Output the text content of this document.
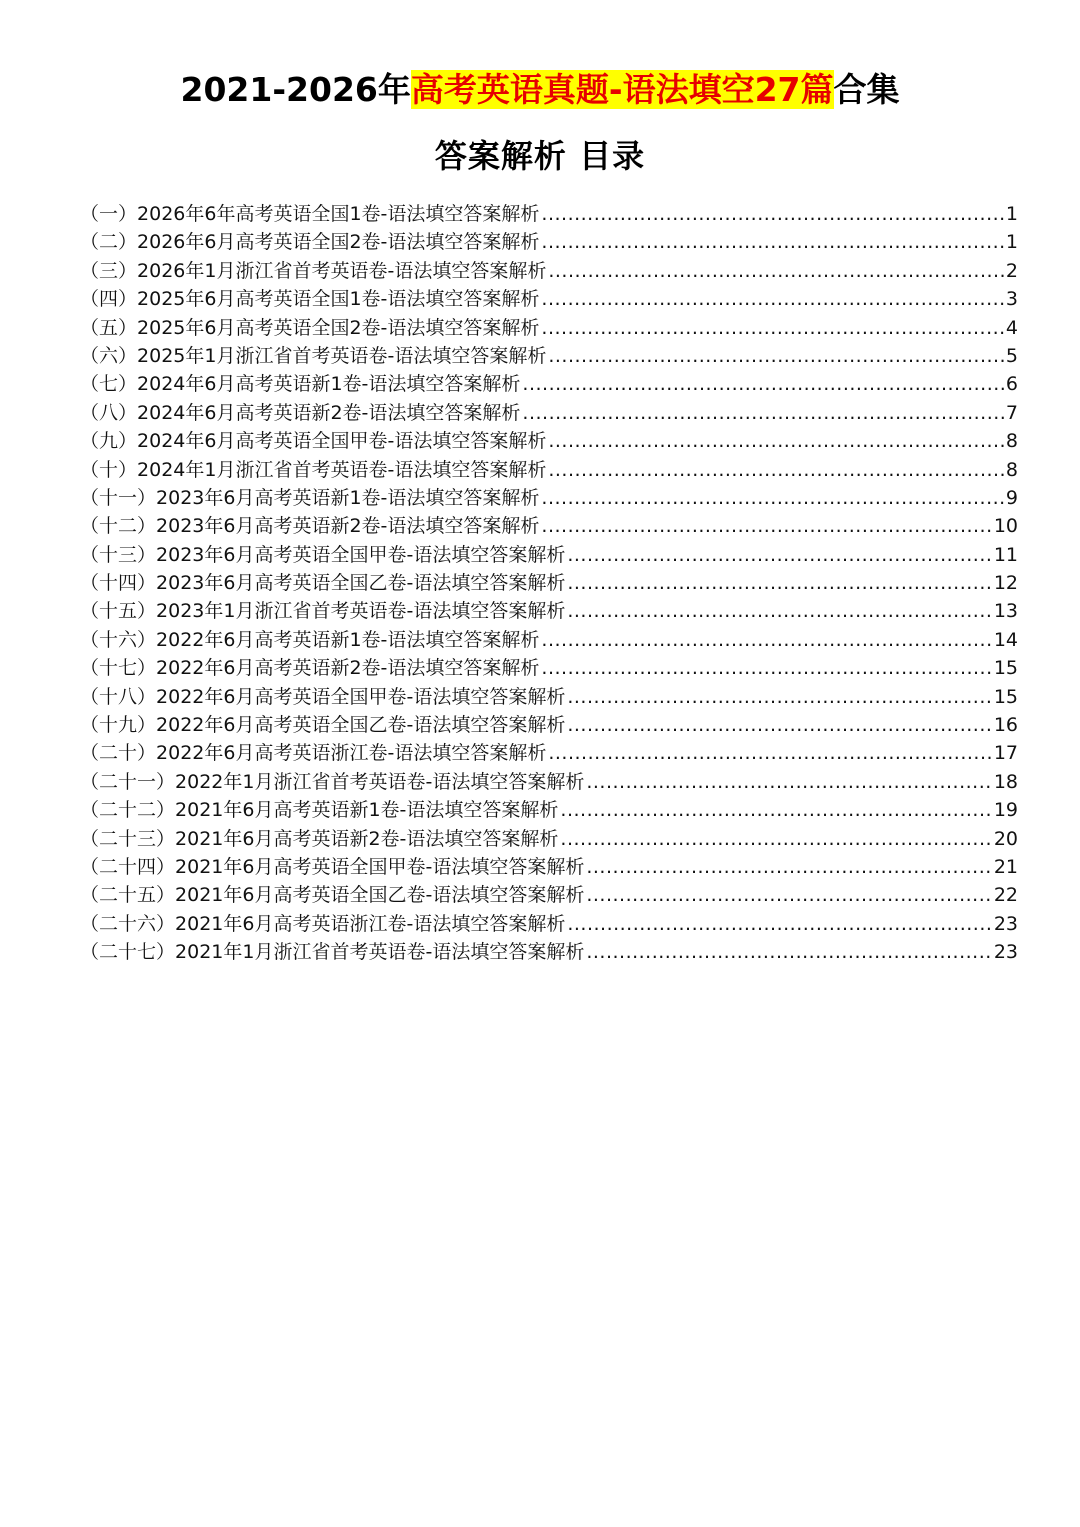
2021-2026年高考英语真题-语法填空27篇合集
答案解析 目录
（一） 2026年6年高考英语全国1卷-语法填空答案解析 .....	1
（二） 2026年6月高考英语全国2卷-语法填空答案解析 .....	1
（三） 2026年1月浙江省首考英语卷-语法填空答案解析 .....	2
（四） 2025年6月高考英语全国1卷-语法填空答案解析 .....	3
（五） 2025年6月高考英语全国2卷-语法填空答案解析 .....	4
（六） 2025年1月浙江省首考英语卷-语法填空答案解析 .....	5
（七） 2024年6月高考英语新1卷-语法填空答案解析 .....	6
（八） 2024年6月高考英语新2卷-语法填空答案解析 .....	7
（九） 2024年6月高考英语全国甲卷-语法填空答案解析 .....	8
（十） 2024年1月浙江省首考英语卷-语法填空答案解析 .....	8
（十一） 2023年6月高考英语新1卷-语法填空答案解析 .....	9
（十二） 2023年6月高考英语新2卷-语法填空答案解析 .....	10
（十三） 2023年6月高考英语全国甲卷-语法填空答案解析 .....	11
（十四） 2023年6月高考英语全国乙卷-语法填空答案解析 .....	12
（十五） 2023年1月浙江省首考英语卷-语法填空答案解析 .....	13
（十六） 2022年6月高考英语新1卷-语法填空答案解析 .....	14
（十七） 2022年6月高考英语新2卷-语法填空答案解析 .....	15
（十八） 2022年6月高考英语全国甲卷-语法填空答案解析 .....	15
（十九） 2022年6月高考英语全国乙卷-语法填空答案解析 .....	16
（二十） 2022年6月高考英语浙江卷-语法填空答案解析 .....	17
（二十一） 2022年1月浙江省首考英语卷-语法填空答案解析 .....	18
（二十二） 2021年6月高考英语新1卷-语法填空答案解析 .....	19
（二十三） 2021年6月高考英语新2卷-语法填空答案解析 .....	20
（二十四） 2021年6月高考英语全国甲卷-语法填空答案解析 .....	21
（二十五） 2021年6月高考英语全国乙卷-语法填空答案解析 .....	22
（二十六） 2021年6月高考英语浙江卷-语法填空答案解析 .....	23
（二十七） 2021年1月浙江省首考英语卷-语法填空答案解析 .....	23
